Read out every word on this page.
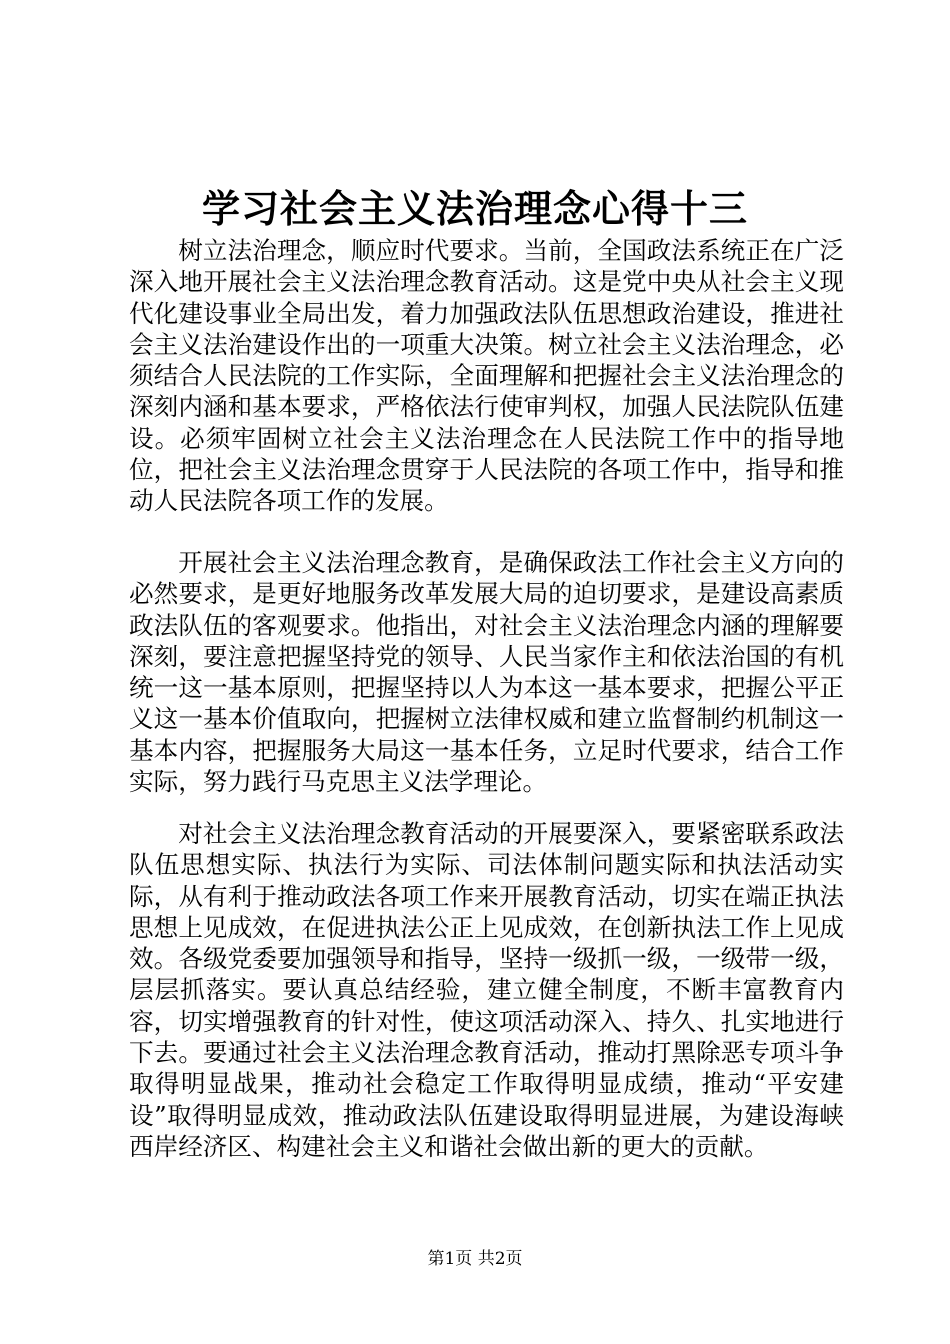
学习社会主义法治理念心得十三

树立法治理念，顺应时代要求。当前，全国政法系统正在广泛深入地开展社会主义法治理念教育活动。这是党中央从社会主义现代化建设事业全局出发，着力加强政法队伍思想政治建设，推进社会主义法治建设作出的一项重大决策。树立社会主义法治理念，必须结合人民法院的工作实际，全面理解和把握社会主义法治理念的深刻内涵和基本要求，严格依法行使审判权，加强人民法院队伍建设。必须牢固树立社会主义法治理念在人民法院工作中的指导地位，把社会主义法治理念贯穿于人民法院的各项工作中，指导和推动人民法院各项工作的发展。

开展社会主义法治理念教育，是确保政法工作社会主义方向的必然要求，是更好地服务改革发展大局的迫切要求，是建设高素质政法队伍的客观要求。他指出，对社会主义法治理念内涵的理解要深刻，要注意把握坚持党的领导、人民当家作主和依法治国的有机统一这一基本原则，把握坚持以人为本这一基本要求，把握公平正义这一基本价值取向，把握树立法律权威和建立监督制约机制这一基本内容，把握服务大局这一基本任务，立足时代要求，结合工作实际，努力践行马克思主义法学理论。

对社会主义法治理念教育活动的开展要深入，要紧密联系政法队伍思想实际、执法行为实际、司法体制问题实际和执法活动实际，从有利于推动政法各项工作来开展教育活动，切实在端正执法思想上见成效，在促进执法公正上见成效，在创新执法工作上见成效。各级党委要加强领导和指导，坚持一级抓一级，一级带一级，层层抓落实。要认真总结经验，建立健全制度，不断丰富教育内容，切实增强教育的针对性，使这项活动深入、持久、扎实地进行下去。要通过社会主义法治理念教育活动，推动打黑除恶专项斗争取得明显战果，推动社会稳定工作取得明显成绩，推动“平安建设”取得明显成效，推动政法队伍建设取得明显进展，为建设海峡西岸经济区、构建社会主义和谐社会做出新的更大的贡献。

第1页 共2页
